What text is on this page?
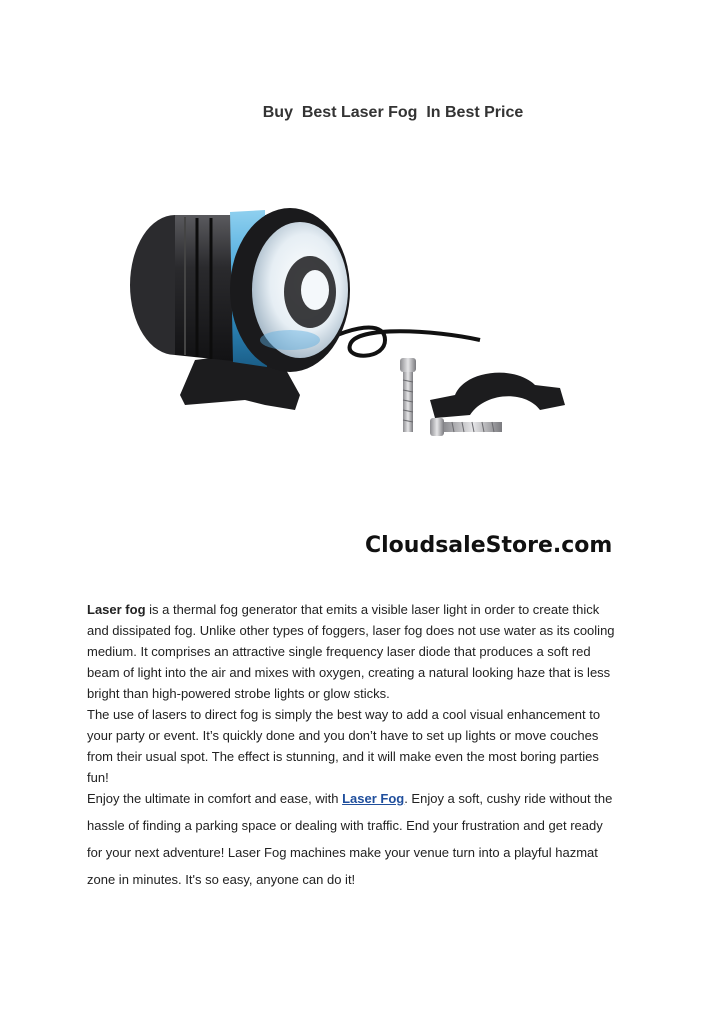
Buy  Best Laser Fog  In Best Price
CloudsaleStore.com

Laser fog is a thermal fog generator that emits a visible laser light in order to create thick
and dissipated fog. Unlike other types of foggers, laser fog does not use water as its cooling
medium. It comprises an attractive single frequency laser diode that produces a soft red
beam of light into the air and mixes with oxygen, creating a natural looking haze that is less
bright than high-powered strobe lights or glow sticks.

The use of lasers to direct fog is simply the best way to add a cool visual enhancement to
your party or event. It’s quickly done and you don’t have to set up lights or move couches
from their usual spot. The effect is stunning, and it will make even the most boring parties
fun!

Enjoy the ultimate in comfort and ease, with Laser Fog. Enjoy a soft, cushy ride without the

hassle of finding a parking space or dealing with traffic. End your frustration and get ready
for your next adventure! Laser Fog machines make your venue turn into a playful hazmat
zone in minutes. It's so easy, anyone can do it!
